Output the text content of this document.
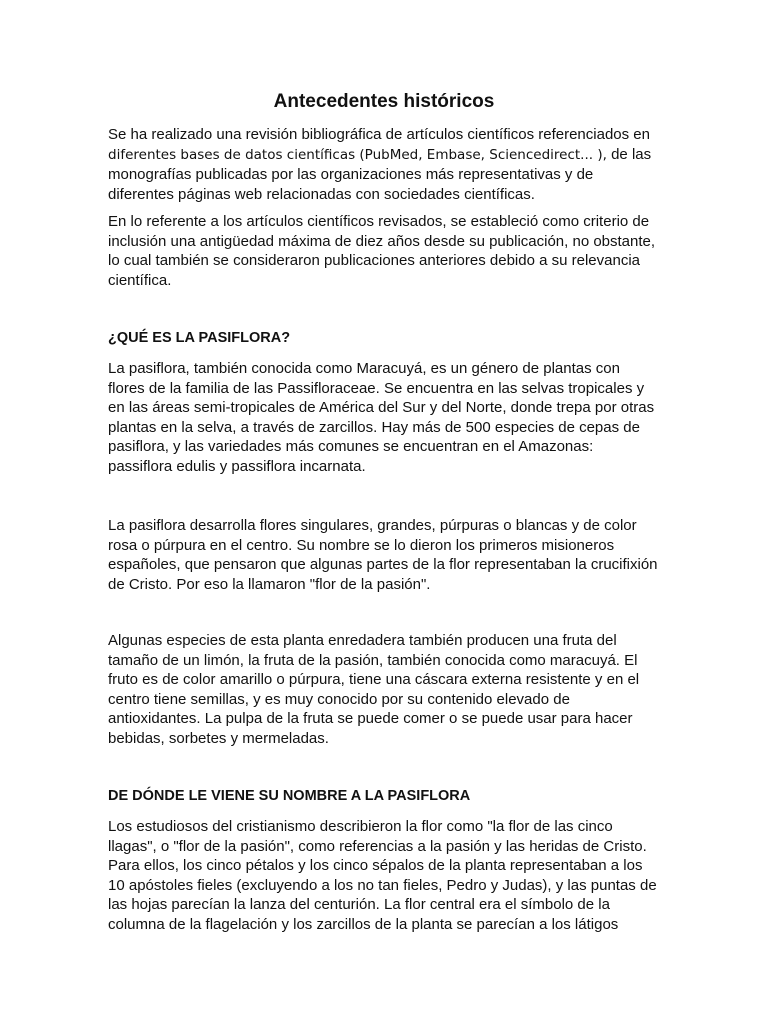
Antecedentes históricos

Se ha realizado una revisión bibliográfica de artículos científicos referenciados en
diferentes bases de datos científicas (PubMed, Embase, Sciencedirect... ), de las
monografías publicadas por las organizaciones más representativas y de
diferentes páginas web relacionadas con sociedades científicas.

En lo referente a los artículos científicos revisados, se estableció como criterio de
inclusión una antigüedad máxima de diez años desde su publicación, no obstante,
lo cual también se consideraron publicaciones anteriores debido a su relevancia
científica.

¿QUÉ ES LA PASIFLORA?

La pasiflora, también conocida como Maracuyá, es un género de plantas con
flores de la familia de las Passifloraceae. Se encuentra en las selvas tropicales y
en las áreas semi-tropicales de América del Sur y del Norte, donde trepa por otras
plantas en la selva, a través de zarcillos. Hay más de 500 especies de cepas de
pasiflora, y las variedades más comunes se encuentran en el Amazonas:
passiflora edulis y passiflora incarnata.

La pasiflora desarrolla flores singulares, grandes, púrpuras o blancas y de color
rosa o púrpura en el centro. Su nombre se lo dieron los primeros misioneros
españoles, que pensaron que algunas partes de la flor representaban la crucifixión
de Cristo. Por eso la llamaron "flor de la pasión".

Algunas especies de esta planta enredadera también producen una fruta del
tamaño de un limón, la fruta de la pasión, también conocida como maracuyá. El
fruto es de color amarillo o púrpura, tiene una cáscara externa resistente y en el
centro tiene semillas, y es muy conocido por su contenido elevado de
antioxidantes. La pulpa de la fruta se puede comer o se puede usar para hacer
bebidas, sorbetes y mermeladas.

DE DÓNDE LE VIENE SU NOMBRE A LA PASIFLORA

Los estudiosos del cristianismo describieron la flor como "la flor de las cinco
llagas", o "flor de la pasión", como referencias a la pasión y las heridas de Cristo.
Para ellos, los cinco pétalos y los cinco sépalos de la planta representaban a los
10 apóstoles fieles (excluyendo a los no tan fieles, Pedro y Judas), y las puntas de
las hojas parecían la lanza del centurión. La flor central era el símbolo de la
columna de la flagelación y los zarcillos de la planta se parecían a los látigos
